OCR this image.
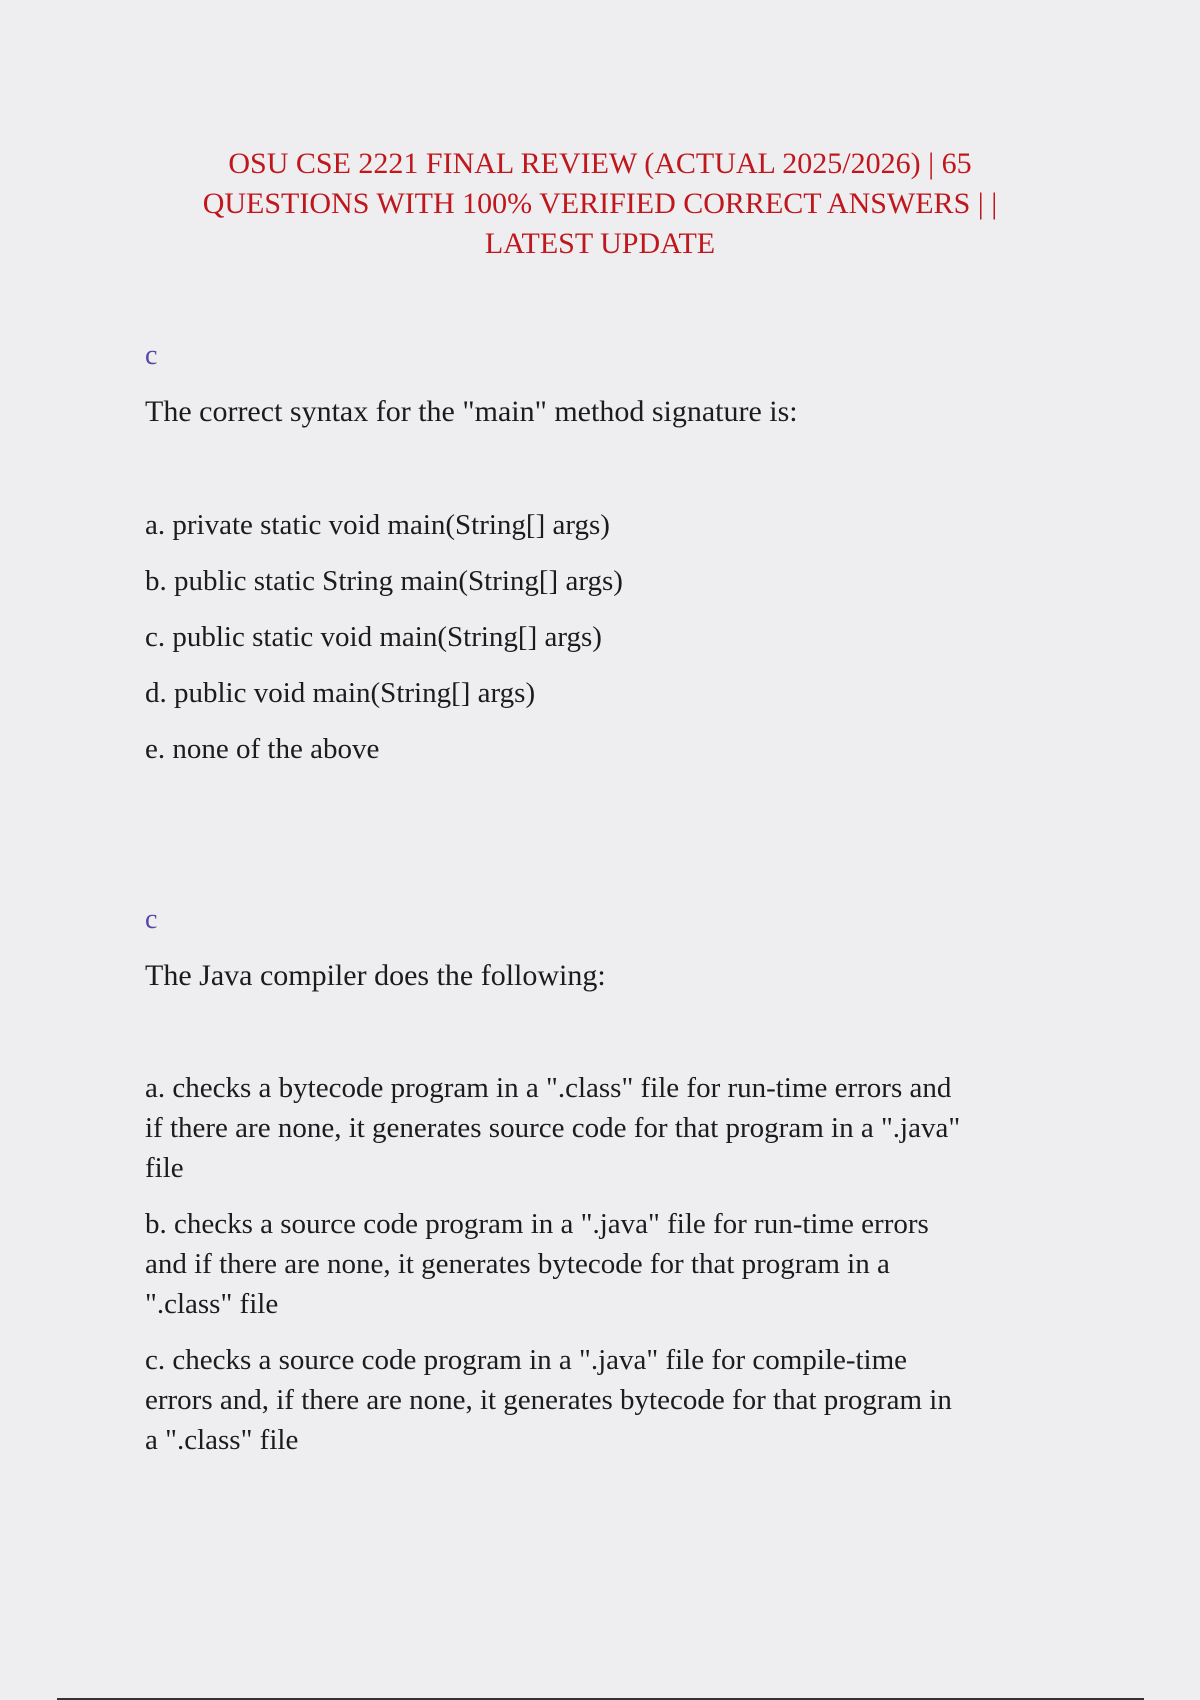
OSU CSE 2221 FINAL REVIEW (ACTUAL 2025/2026) | 65
QUESTIONS WITH 100% VERIFIED CORRECT ANSWERS | |
LATEST UPDATE
c
The correct syntax for the "main" method signature is:
a. private static void main(String[] args)
b. public static String main(String[] args)
c. public static void main(String[] args)
d. public void main(String[] args)
e. none of the above
c
The Java compiler does the following:
a. checks a bytecode program in a ".class" file for run-time errors and
if there are none, it generates source code for that program in a ".java"
file
b. checks a source code program in a ".java" file for run-time errors
and if there are none, it generates bytecode for that program in a
".class" file
c. checks a source code program in a ".java" file for compile-time
errors and, if there are none, it generates bytecode for that program in
a ".class" file
